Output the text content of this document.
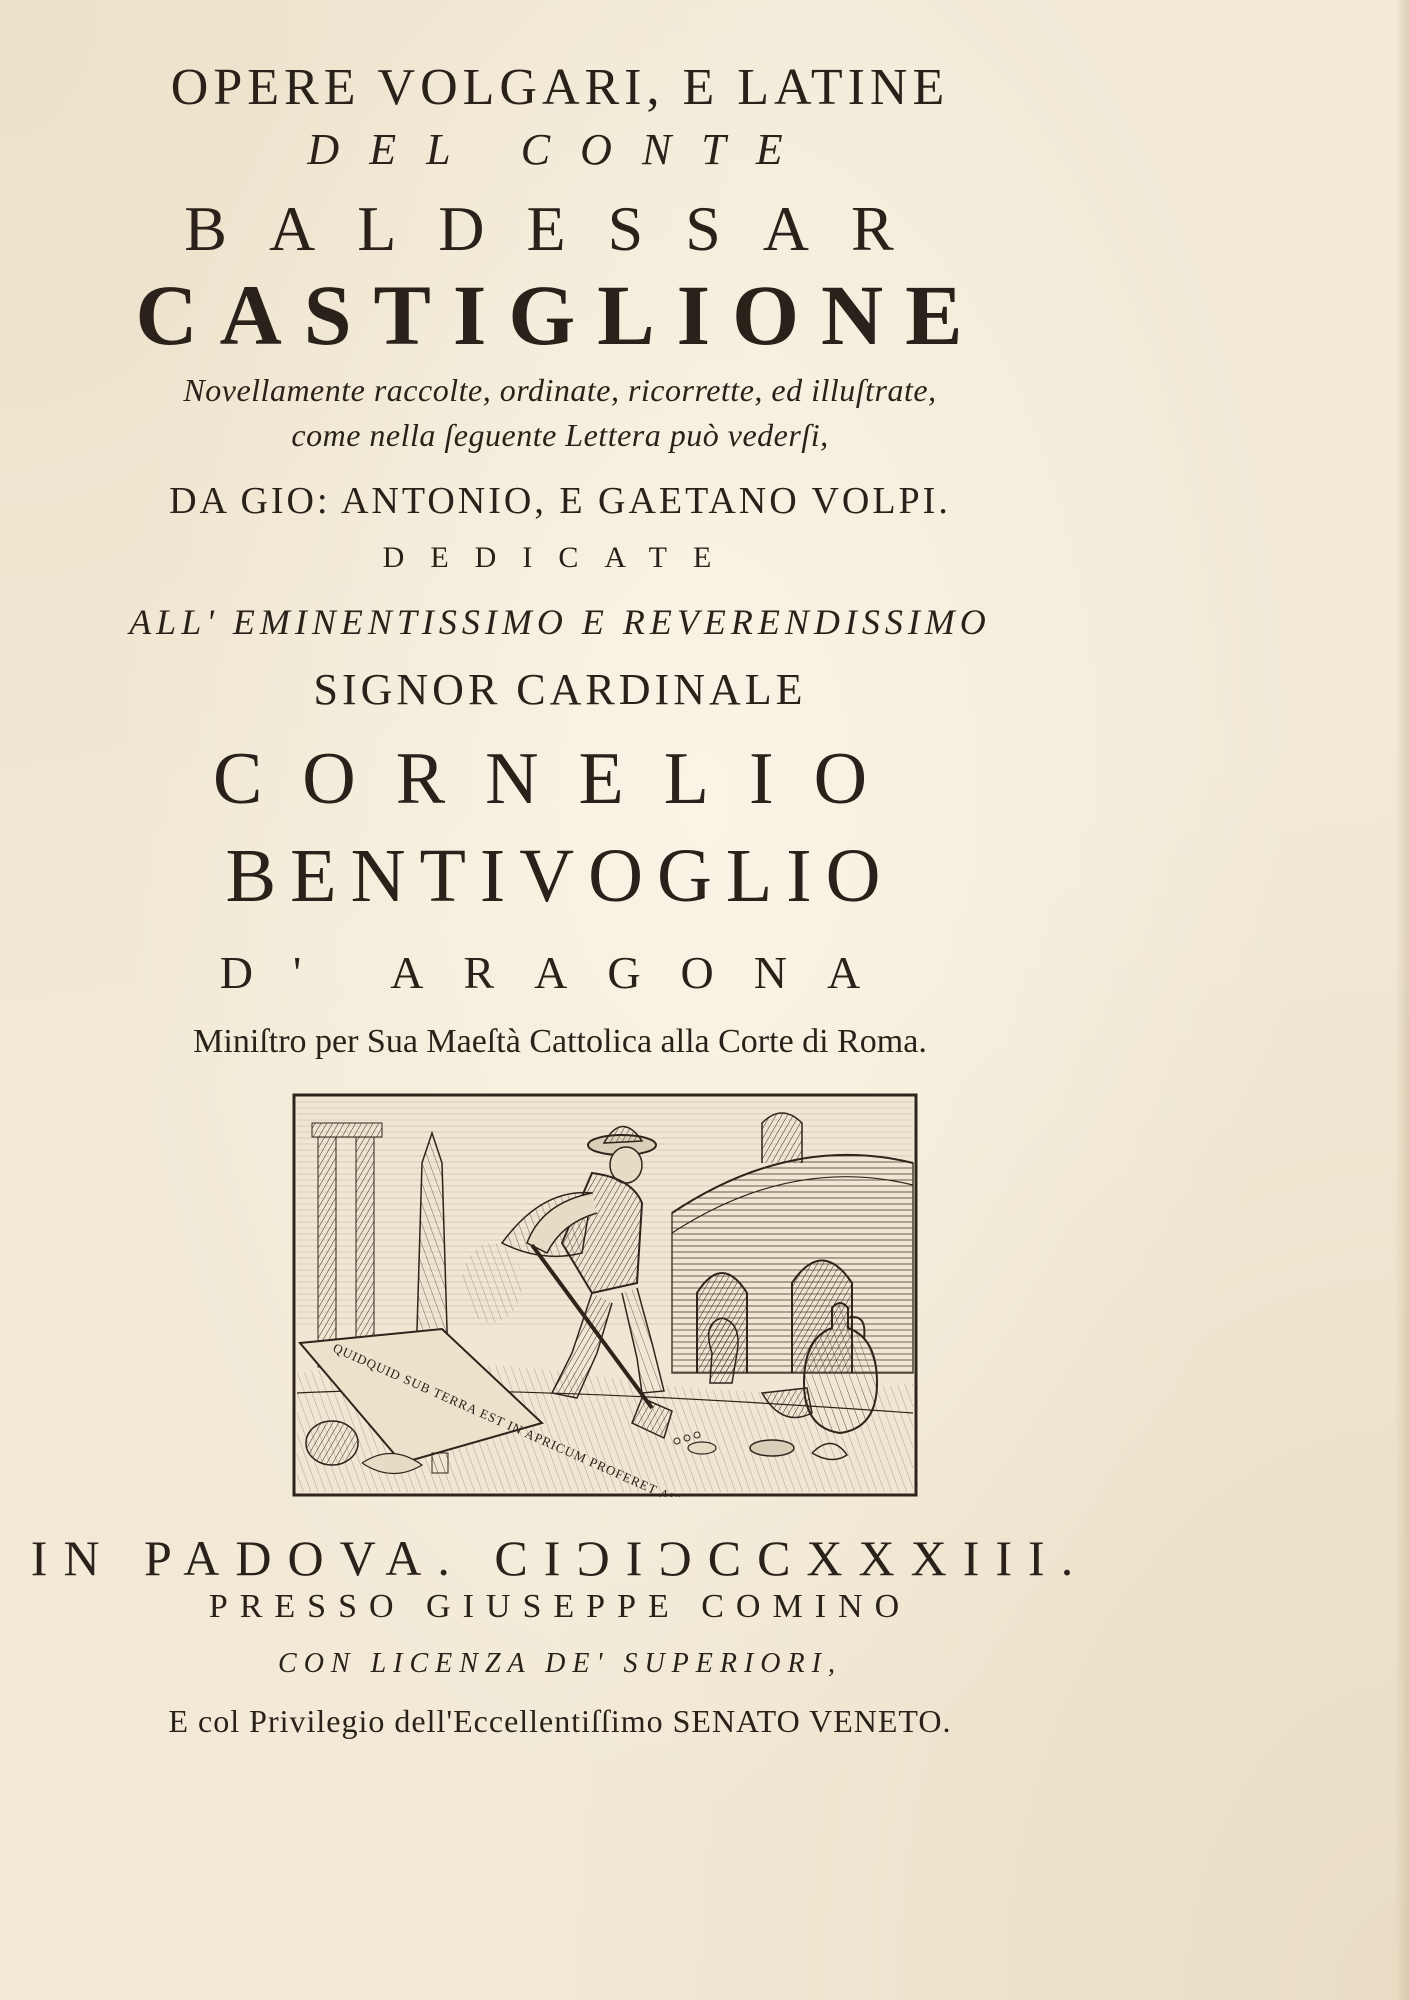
OPERE VOLGARI, E LATINE
DEL CONTE
BALDESSAR
CASTIGLIONE
Novellamente raccolte, ordinate, ricorrette, ed illuſtrate,
come nella ſeguente Lettera può vederſi,
DA GIO: ANTONIO, E GAETANO VOLPI.
DEDICATE
ALL' EMINENTISSIMO E REVERENDISSIMO
SIGNOR CARDINALE
CORNELIO
BENTIVOGLIO
D' ARAGONA
Miniſtro per Sua Maeſtà Cattolica alla Corte di Roma.
QUIDQUID SUB TERRA EST IN APRICUM PROFERET
IN PADOVA. CIƆIƆCCXXXIII.
PRESSO GIUSEPPE COMINO
CON LICENZA DE' SUPERIORI,
E col Privilegio dell'Eccellentiſſimo SENATO VENETO.
